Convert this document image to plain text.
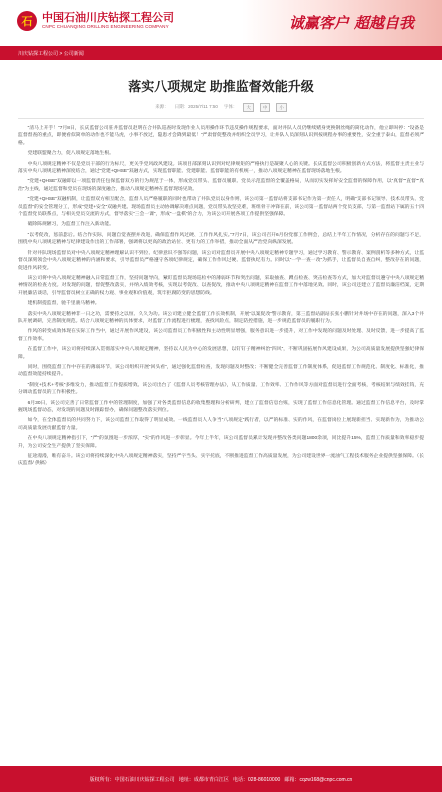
石 中国石油川庆钻探工程公司
CNPC CHUANQING DRILLING ENGINEERING COMPANY	诚赢客户 超越自我
川庆钻探工程公司 > 公司新闻
落实八项规定 助推监督效能升级
来源： 日期：2025/7/11 7:50 字体：	大	中	小

“清马上开手！”7月8日，长庆监督公司驻井监督员赵明在合井队巡查时发现作业人员用操作环节违反操作规程要求，面对井队人员仍继续赌身更换钢丝绳的简化动作，他立即叫停：“设备是监督督查的重点，即便看似简单的动作也不能马虎，小事不放过，隐患才会降到最低！”严肃督促整改并组织全员学习，让井队人员深刻认识到按规程办事的重要性，安全重于泰山，监督必须严格。

党建联盟聚合力，促八项规定落地生根。

中央八项规定精神不仅是党员干部的行为标尺，更关乎党风政风建设。该项目部深刻认识到对纪律规矩的严格执行是凝聚人心的关键。长庆监督公司积极创新方式方法，将监督主责主业与落实中央八项规定精神深度结合，通过“党建+QHSE”双融方式，实现监督职能、党建职能、监督职能的有机统一，推动八项规定精神在监督现场落地生根。

“党建+QHSE”双融即以一项监督责任包保监督双方的行为规范于一体，形成党员带头、监督员履职、党员示范监督的全覆盖格局，从而切实发挥好安全监督的保障作用，以“真督”“直督”“真治”为主线，通过监督和党员在现场的深度融合，推动八项规定精神在监督现场见效。

“党建+QHSE”双融机制，让监督双方相互配合，监督人员严格履职的同时也带动了井队党员以身作则，该公司第一监督站将支部书记作为第一责任人，明确“支部书记领导、技术员带头、党员监督”的安全管理分工，形成“党建+安全”双融共建。现场监督员主动协调解决难点问题，党员带头攻坚克难，班组骨干冲锋在前，该公司第一监督站两个党员支部，与第一监督站下属的五十四个监督党员联系点，与相关党员交流的方式，督导落实“三会一课”，形成“一盘棋”的合力，为该公司开展各项工作提供坚强保障。

破除陈规陋习，为监督工作注入新动能。

“以考促改，惩前毖后。结合作实际，问题自觉查摆并改进，确保监督作风过硬、工作作风扎实。”7月7日，该公司召开6月份党群工作例会，总结上半年工作情况，分析存在的问题与不足，围绕中央八项规定精神与纪律建设作出的工作部署，强调将以更高的政治站位、更有力的工作举措，推动全面从严治党向纵深发展。

针对井队现场监督员对中央八项规定精神理解认识不到位、纪律意识不强等问题，该公司对监督员开展中央八项规定精神专题学习，通过学习教育、警示教育、案例剖析等多种方式，让监督员深刻领会中央八项规定精神的内涵和要求，引导监督员严格遵守各项纪律规定，确保工作作风过硬、监督执纪有力。同时以“一学一查一改”为抓手，让监督员自查自纠，整改存在的问题，促进作风转变。

该公司将中央八项规定精神融入日常监督工作，坚持问题导向，紧盯监督员现场巡检中的薄弱环节和突出问题，采取抽查、蹲点检查、突击检查等方式，加大对监督员遵守中央八项规定精神情况的检查力度。对发现的问题，督促整改落实，并纳入绩效考核，实现以考促改、以查促改，推动中央八项规定精神在监督工作中落地见效。同时，该公司还建立了监督员廉洁档案，定期开展廉洁谈话，引导监督员树立正确的权力观、事业观和价值观，筑牢拒腐防变的思想防线。

建机制提监督，驰千里骏马精神。

落实中央八项规定精神非一日之功，需要持之以恒、久久为功。该公司建立健全监督工作长效机制，开展“以案促改”警示教育，第三监督站副站长张小鹏针对井场中存在的问题，深入3个井队开展调研，完善制度规范。结合八项规定精神的具体要求，对监督工作流程进行梳理，查找风险点，制定防控措施，进一步规范监督员的履职行为。

作风的转变成效体现在实际工作当中，通过开展作风建设，该公司监督员工作积极性和主动性明显增强，服务意识进一步提升，对工作中发现的问题及时处理、及时反馈，进一步提高了监督工作效率。

在监督工作中，该公司将持续深入贯彻落实中央八项规定精神，坚持以人民为中心的发展思想，以钉钉子精神纠治“四风”，不断巩固拓展作风建设成果，为公司高质量发展提供坚强纪律保障。

同时，围绕监督工作中存在的薄弱环节，该公司组织开展“回头看”，通过强化监督检查，发现问题及时整改；不断健全完善监督工作制度体系，促进监督工作规范化、制度化、标准化，推动监督效能持续提升。

“制度+技术+考核”多维发力，推动监督工作提质增效。该公司出台了《监督人员考核管理办法》，从工作质量、工作效率、工作作风等方面对监督员进行全面考核，考核结果与绩效挂钩，充分调动监督员的工作积极性。

6月30日，该公司完善了日常监督工作中的管理制度，加强了对各类监督信息的收集整理和分析研判，建立了监督信息台账，实现了监督工作信息化管理。通过监督工作信息平台，及时掌握现场监督动态，对发现的问题及时跟踪督办，确保问题整改落实到位。

如今，在全体监督员的共同努力下，该公司监督工作取得了明显成效。一线监督员人人争当“八项规定”践行者，以严的标准、实的作风，在监督岗位上展现新担当、实现新作为，为推动公司高质量发展贡献监督力量。

在中央八项规定精神指引下，“严”的氛围进一步浓厚，“实”的作风进一步彰显。今年上半年，该公司监督员累计发现并整改各类问题1800余项，同比提升15%，监督工作质量和效率稳步提升，为公司安全生产提供了坚实保障。

征途漫漫，唯有奋斗。该公司将持续深化中央八项规定精神落实，坚持严字当头、实字托底，不断推进监督工作高质量发展，为公司建设世界一流油气工程技术服务企业提供坚强保障。（长庆监督/ 供稿）

版权所有：中国石油川庆钻探工程公司 地址：成都市青白江区 电话：028-86010000 邮箱：cqzw168@cnpc.com.cn
